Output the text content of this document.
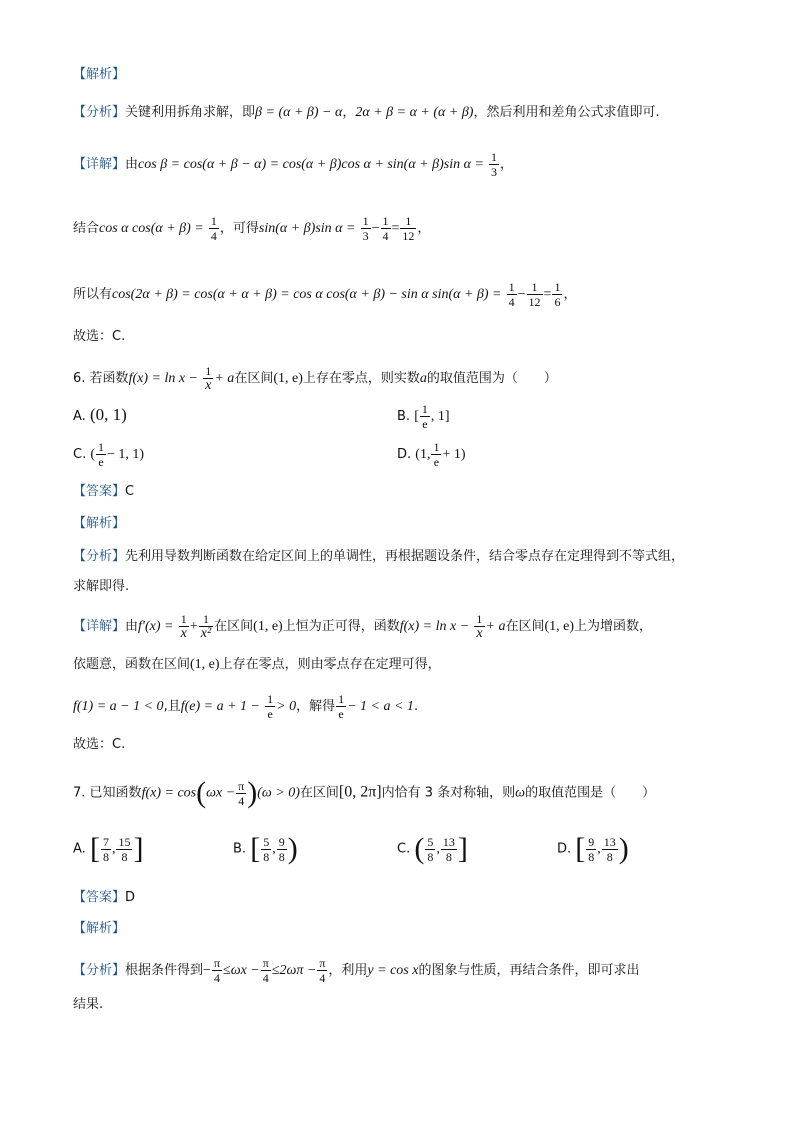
【解析】
【分析】关键利用拆角求解，即β = (α + β) − α，2α + β = α + (α + β)，然后利用和差角公式求值即可.
【详解】由cos β = cos(α + β − α) = cos(α + β)cos α + sin(α + β)sin $\alpha = \frac{1}{3}$ ，
结合cos α $\cos(\alpha + \beta) = \frac{1}{4}$ ，可得sin(α + β)sin $\alpha = \frac{1}{3} - \frac{1}{4} = \frac{1}{12}$ ，
所以有cos(2α + β) = cos(α + α + β) = cos α cos(α + β) − sin α $\sin(\alpha + \beta) = \frac{1}{4} - \frac{1}{12} = \frac{1}{6}$ ，
故选：C.
6. 若函数$f(x) = \ln x - \frac{1}{x} + a$在区间(1, e)上存在零点，则实数a的取值范围为（　　）
A. (0, 1)	B. [ $\frac{1}{e}$ , 1]
C. ( $\frac{1}{e} - 1$, 1)	D. (1, $\frac{1}{e} + 1$)
【答案】C
【解析】
【分析】先利用导数判断函数在给定区间上的单调性，再根据题设条件，结合零点存在定理得到不等式组，
求解即得.
【详解】由$f'(x) = \frac{1}{x} + \frac{1}{\text{x²}}$ 在区间(1, e)上恒为正可得，函数$f(x) = \ln x - \frac{1}{x} + a$在区间(1, e)上为增函数，
依题意，函数在区间(1, e)上存在零点，则由零点存在定理可得，
f(1) = a − 1 < 0,且$f(e) = a + 1 - \frac{1}{e} > 0$，解得 $\frac{1}{e} - 1 < a < 1$.
故选：C.
7. 已知函数$f(x) = \cos(\omega x - \frac{\pi}{4} )(\omega > 0)$在区间[0, 2π]内恰有 3 条对称轴，则ω的取值范围是（　　）
A. [ $\frac{7}{8}$ , $\frac{15}{8}$ ]	B. [ $\frac{5}{8}$ , $\frac{9}{8}$ )	C. ( $\frac{5}{8}$ , $\frac{13}{8}$ ]	D. [ $\frac{9}{8}$ , $\frac{13}{8}$ )
【答案】D
【解析】
【分析】根据条件得到− $\frac{\pi}{4} \le\omega x - \frac{\pi}{4} \le 2\omega\pi - \frac{\pi}{4}$ ，利用y = cos x的图象与性质，再结合条件，即可求出
结果.
